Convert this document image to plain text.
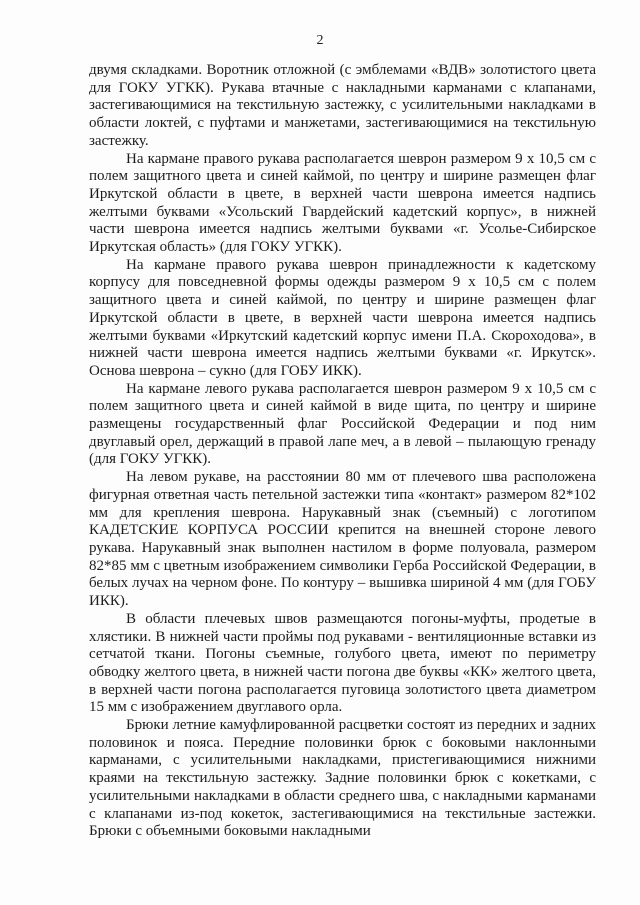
2

двумя складками. Воротник отложной (с эмблемами «ВДВ» золотистого цвета для ГОКУ УГКК). Рукава втачные с накладными карманами с клапанами, застегивающимися на текстильную застежку, с усилительными накладками в области локтей, с пуфтами и манжетами, застегивающимися на текстильную застежку.

На кармане правого рукава располагается шеврон размером 9 х 10,5 см с полем защитного цвета и синей каймой, по центру и ширине размещен флаг Иркутской области в цвете, в верхней части шеврона имеется надпись желтыми буквами «Усольский Гвардейский кадетский корпус», в нижней части шеврона имеется надпись желтыми буквами «г. Усолье-Сибирское Иркутская область» (для ГОКУ УГКК).

На кармане правого рукава шеврон принадлежности к кадетскому корпусу для повседневной формы одежды размером 9 х 10,5 см с полем защитного цвета и синей каймой, по центру и ширине размещен флаг Иркутской области в цвете, в верхней части шеврона имеется надпись желтыми буквами «Иркутский кадетский корпус имени П.А. Скороходова», в нижней части шеврона имеется надпись желтыми буквами «г. Иркутск». Основа шеврона – сукно (для ГОБУ ИКК).

На кармане левого рукава располагается шеврон размером 9 х 10,5 см с полем защитного цвета и синей каймой в виде щита, по центру и ширине размещены государственный флаг Российской Федерации и под ним двуглавый орел, держащий в правой лапе меч, а в левой – пылающую гренаду (для ГОКУ УГКК).

На левом рукаве, на расстоянии 80 мм от плечевого шва расположена фигурная ответная часть петельной застежки типа «контакт» размером 82*102 мм для крепления шеврона. Нарукавный знак (съемный) с логотипом КАДЕТСКИЕ КОРПУСА РОССИИ крепится на внешней стороне левого рукава. Нарукавный знак выполнен настилом в форме полуовала, размером 82*85 мм с цветным изображением символики Герба Российской Федерации, в белых лучах на черном фоне. По контуру – вышивка шириной 4 мм (для ГОБУ ИКК).

В области плечевых швов размещаются погоны-муфты, продетые в хлястики. В нижней части проймы под рукавами - вентиляционные вставки из сетчатой ткани. Погоны съемные, голубого цвета, имеют по периметру обводку желтого цвета, в нижней части погона две буквы «КК» желтого цвета, в верхней части погона располагается пуговица золотистого цвета диаметром 15 мм с изображением двуглавого орла.

Брюки летние камуфлированной расцветки состоят из передних и задних половинок и пояса. Передние половинки брюк с боковыми наклонными карманами, с усилительными накладками, пристегивающимися нижними краями на текстильную застежку. Задние половинки брюк с кокетками, с усилительными накладками в области среднего шва, с накладными карманами с клапанами из-под кокеток, застегивающимися на текстильные застежки. Брюки с объемными боковыми накладными
